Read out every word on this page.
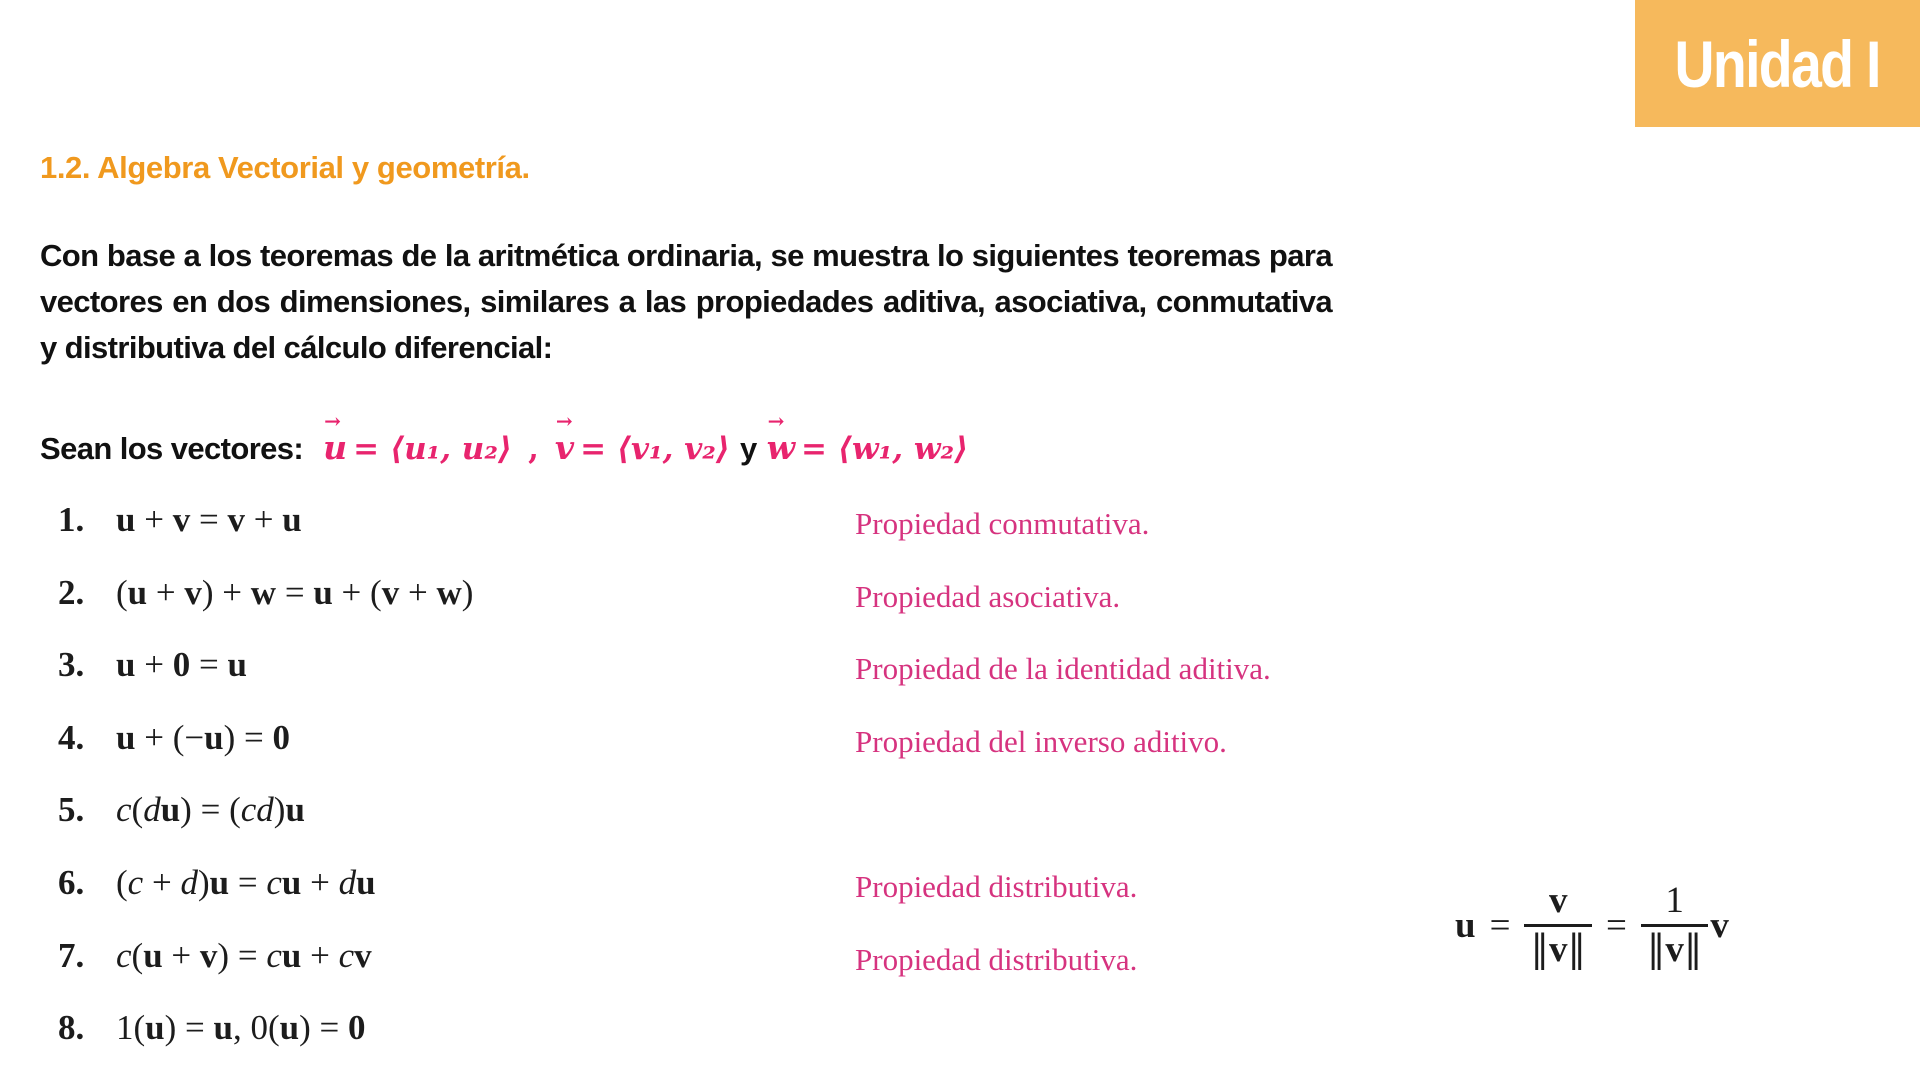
Unidad I
1.2. Algebra Vectorial y geometría.

Con base a los teoremas de la aritmética ordinaria, se muestra lo siguientes teoremas para vectores en dos dimensiones, similares a las propiedades aditiva, asociativa, conmutativa y distributiva del cálculo diferencial:

Sean los vectores:
→
u = ⟨u₁, u₂⟩ ,
→
v = ⟨v₁, v₂⟩ y
→
w = ⟨w₁, w₂⟩
1. u + v = v + u	Propiedad conmutativa.
2. (u + v) + w = u + (v + w)	Propiedad asociativa.
3. u + 0 = u	Propiedad de la identidad aditiva.
4. u + (−u) = 0	Propiedad del inverso aditivo.
5. c(du) = (cd)u
6. (c + d)u = cu + du	Propiedad distributiva.
7. c(u + v) = cu + cv	Propiedad distributiva.
8. 1(u) = u, 0(u) = 0
$u = \frac{v}{‖v‖} = \frac{1}{‖v‖}$ v
